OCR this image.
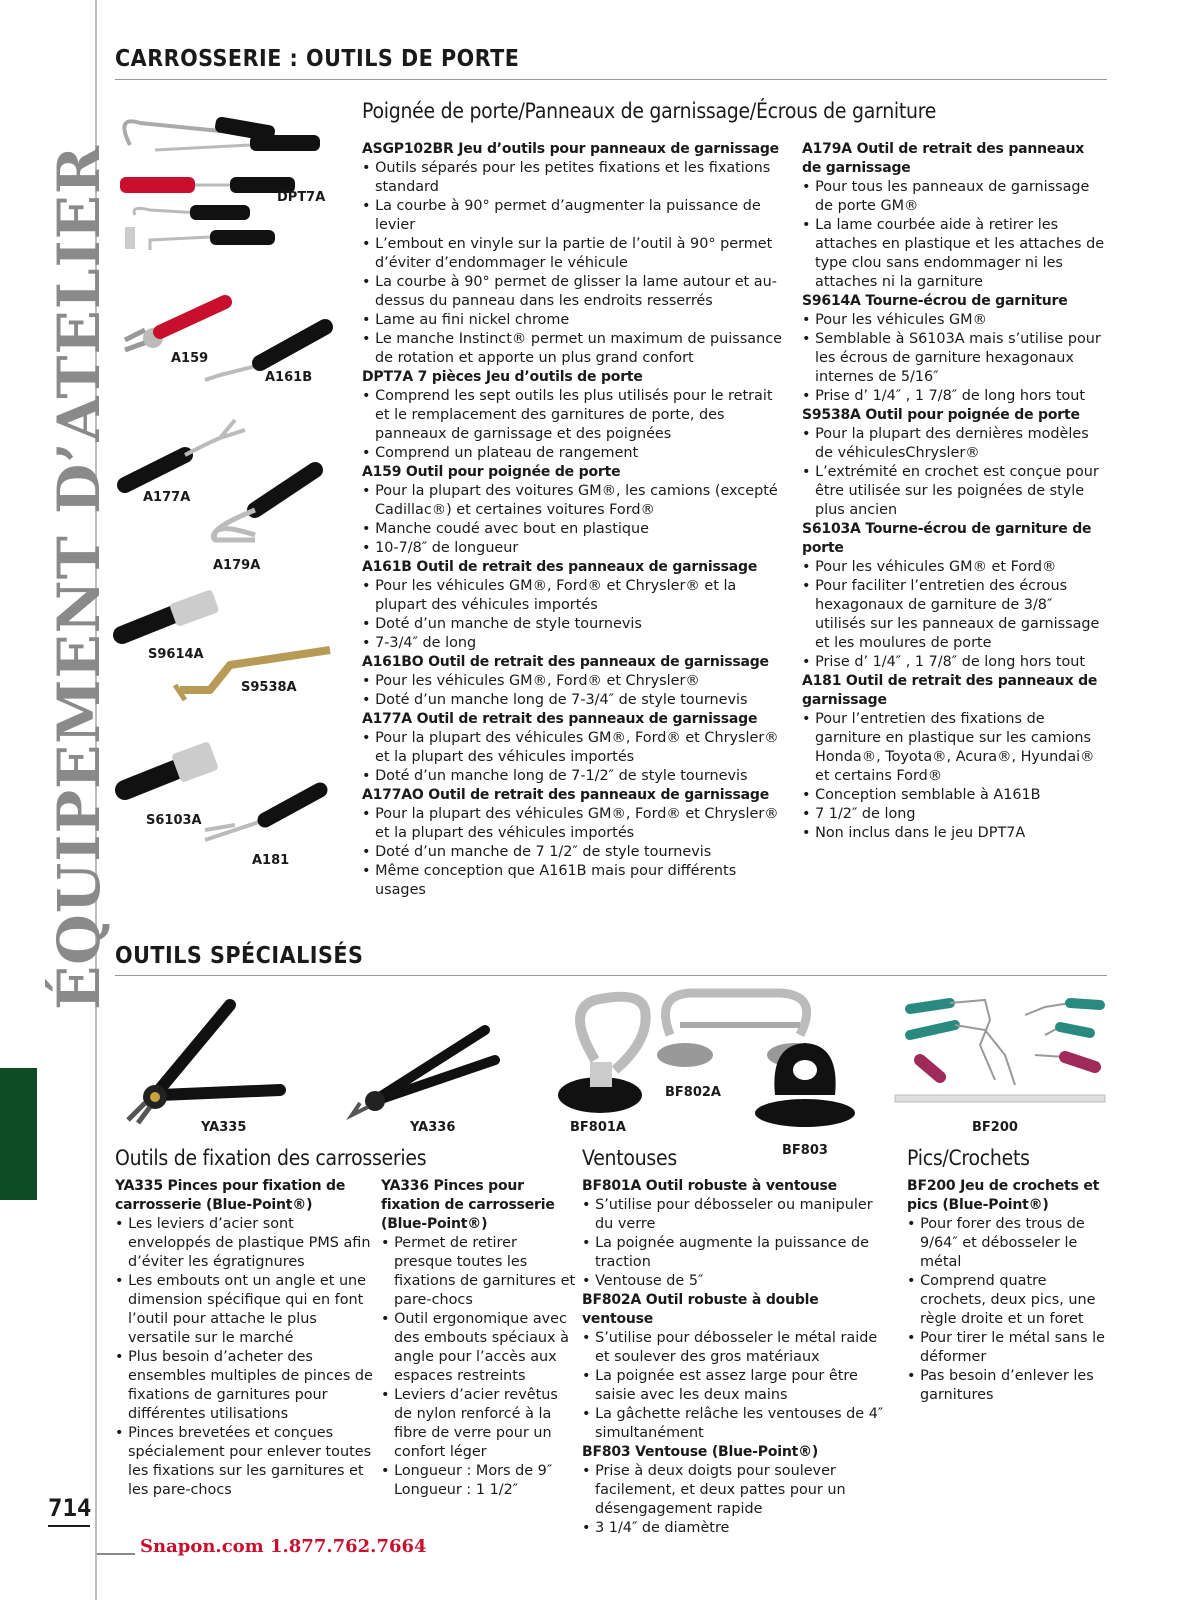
ÉQUIPEMENT D’ATELIER
714
Snapon.com 1.877.762.7664
CARROSSERIE : OUTILS DE PORTE
Poignée de porte/Panneaux de garnissage/Écrous de garniture
DPT7A
A159
A161B
A177A
A179A
S9614A
S9538A
S6103A
A181
ASGP102BR Jeu d’outils pour panneaux de garnissage
• Outils séparés pour les petites fixations et les fixations standard
• La courbe à 90° permet d’augmenter la puissance de levier
• L’embout en vinyle sur la partie de l’outil à 90° permet d’éviter d’endommager le véhicule
• La courbe à 90° permet de glisser la lame autour et au-dessus du panneau dans les endroits resserrés
• Lame au fini nickel chrome
• Le manche Instinct® permet un maximum de puissance de rotation et apporte un plus grand confort
DPT7A 7 pièces Jeu d’outils de porte
• Comprend les sept outils les plus utilisés pour le retrait et le remplacement des garnitures de porte, des panneaux de garnissage et des poignées
• Comprend un plateau de rangement
A159 Outil pour poignée de porte
• Pour la plupart des voitures GM®, les camions (excepté Cadillac®) et certaines voitures Ford®
• Manche coudé avec bout en plastique
• 10-7/8″ de longueur
A161B Outil de retrait des panneaux de garnissage
• Pour les véhicules GM®, Ford® et Chrysler® et la plupart des véhicules importés
• Doté d’un manche de style tournevis
• 7-3/4″ de long
A161BO Outil de retrait des panneaux de garnissage
• Pour les véhicules GM®, Ford® et Chrysler®
• Doté d’un manche long de 7-3/4″ de style tournevis
A177A Outil de retrait des panneaux de garnissage
• Pour la plupart des véhicules GM®, Ford® et Chrysler® et la plupart des véhicules importés
• Doté d’un manche long de 7-1/2″ de style tournevis
A177AO Outil de retrait des panneaux de garnissage
• Pour la plupart des véhicules GM®, Ford® et Chrysler® et la plupart des véhicules importés
• Doté d’un manche de 7 1/2″ de style tournevis
• Même conception que A161B mais pour différents usages
A179A Outil de retrait des panneaux de garnissage
• Pour tous les panneaux de garnissage de porte GM®
• La lame courbée aide à retirer les attaches en plastique et les attaches de type clou sans endommager ni les attaches ni la garniture
S9614A Tourne-écrou de garniture
• Pour les véhicules GM®
• Semblable à S6103A mais s’utilise pour les écrous de garniture hexagonaux internes de 5/16″
• Prise d’ 1/4″ , 1 7/8″ de long hors tout
S9538A Outil pour poignée de porte
• Pour la plupart des dernières modèles de véhiculesChrysler®
• L’extrémité en crochet est conçue pour être utilisée sur les poignées de style plus ancien
S6103A Tourne-écrou de garniture de porte
• Pour les véhicules GM® et Ford®
• Pour faciliter l’entretien des écrous hexagonaux de garniture de 3/8″ utilisés sur les panneaux de garnissage et les moulures de porte
• Prise d’ 1/4″ , 1 7/8″ de long hors tout
A181 Outil de retrait des panneaux de garnissage
• Pour l’entretien des fixations de garniture en plastique sur les camions Honda®, Toyota®, Acura®, Hyundai® et certains Ford®
• Conception semblable à A161B
• 7 1/2″ de long
• Non inclus dans le jeu DPT7A
OUTILS SPÉCIALISÉS
YA335	YA336	BF801A
BF802A
BF803
BF200
Outils de fixation des carrosseries	Ventouses	Pics/Crochets
YA335 Pinces pour fixation de carrosserie (Blue-Point®)
• Les leviers d’acier sont enveloppés de plastique PMS afin d’éviter les égratignures
• Les embouts ont un angle et une dimension spécifique qui en font l’outil pour attache le plus versatile sur le marché
• Plus besoin d’acheter des ensembles multiples de pinces de fixations de garnitures pour différentes utilisations
• Pinces brevetées et conçues spécialement pour enlever toutes les fixations sur les garnitures et les pare-chocs
YA336 Pinces pour fixation de carrosserie (Blue-Point®)
• Permet de retirer presque toutes les fixations de garnitures et pare-chocs
• Outil ergonomique avec des embouts spéciaux à angle pour l’accès aux espaces restreints
• Leviers d’acier revêtus de nylon renforcé à la fibre de verre pour un confort léger
• Longueur : Mors de 9″ Longueur : 1 1/2″
BF801A Outil robuste à ventouse
• S’utilise pour débosseler ou manipuler du verre
• La poignée augmente la puissance de traction
• Ventouse de 5″
BF802A Outil robuste à double ventouse
• S’utilise pour débosseler le métal raide et soulever des gros matériaux
• La poignée est assez large pour être saisie avec les deux mains
• La gâchette relâche les ventouses de 4″ simultanément
BF803 Ventouse (Blue-Point®)
• Prise à deux doigts pour soulever facilement, et deux pattes pour un désengagement rapide
• 3 1/4″ de diamètre
BF200 Jeu de crochets et pics (Blue-Point®)
• Pour forer des trous de 9/64″ et débosseler le métal
• Comprend quatre crochets, deux pics, une règle droite et un foret
• Pour tirer le métal sans le déformer
• Pas besoin d’enlever les garnitures
